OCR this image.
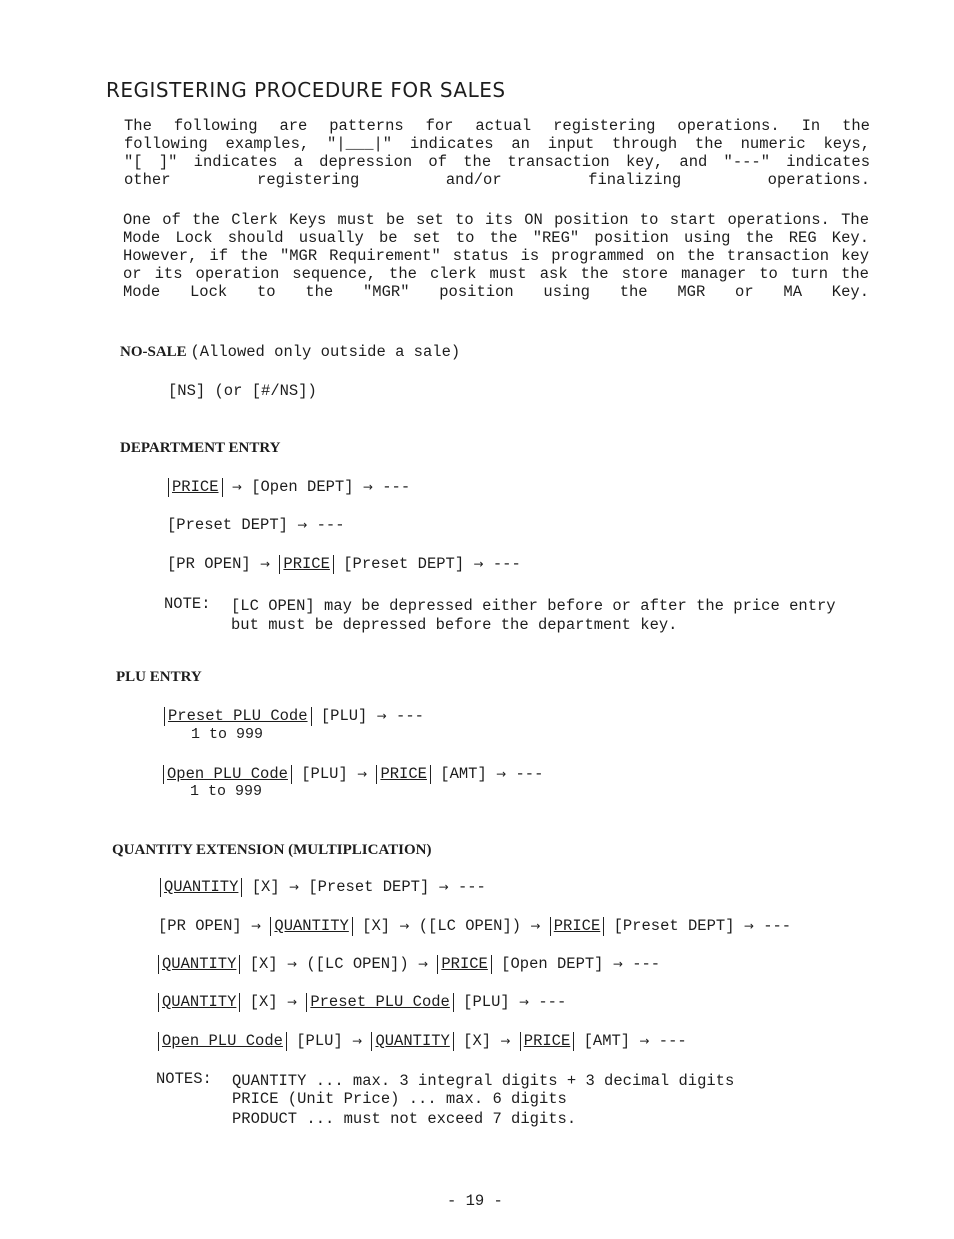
REGISTERING PROCEDURE FOR SALES
The following are patterns for actual registering operations. In the
following examples, "|___|" indicates an input through the numeric keys,
"[ ]" indicates a depression of the transaction key, and "---" indicates
other registering and/or finalizing operations.
One of the Clerk Keys must be set to its ON position to start operations. The
Mode Lock should usually be set to the "REG" position using the REG Key.
However, if the "MGR Requirement" status is programmed on the transaction key
or its operation sequence, the clerk must ask the store manager to turn the
Mode Lock to the "MGR" position using the MGR or MA Key.
NO-SALE (Allowed only outside a sale)
[NS] (or [#/NS])
DEPARTMENT ENTRY
PRICE → [Open DEPT] → ---
[Preset DEPT] → ---
[PR OPEN] → PRICE [Preset DEPT] → ---
NOTE: [LC OPEN] may be depressed either before or after the price entry
but must be depressed before the department key.
PLU ENTRY
Preset PLU Code [PLU] → ---
1 to 999
Open PLU Code [PLU] → PRICE [AMT] → ---
1 to 999
QUANTITY EXTENSION (MULTIPLICATION)
QUANTITY [X] → [Preset DEPT] → ---
[PR OPEN] → QUANTITY [X] → ([LC OPEN]) → PRICE [Preset DEPT] → ---
QUANTITY [X] → ([LC OPEN]) → PRICE [Open DEPT] → ---
QUANTITY [X] → Preset PLU Code [PLU] → ---
Open PLU Code [PLU] → QUANTITY [X] → PRICE [AMT] → ---
NOTES: QUANTITY ... max. 3 integral digits + 3 decimal digits
PRICE (Unit Price) ... max. 6 digits
PRODUCT ... must not exceed 7 digits.
- 19 -
